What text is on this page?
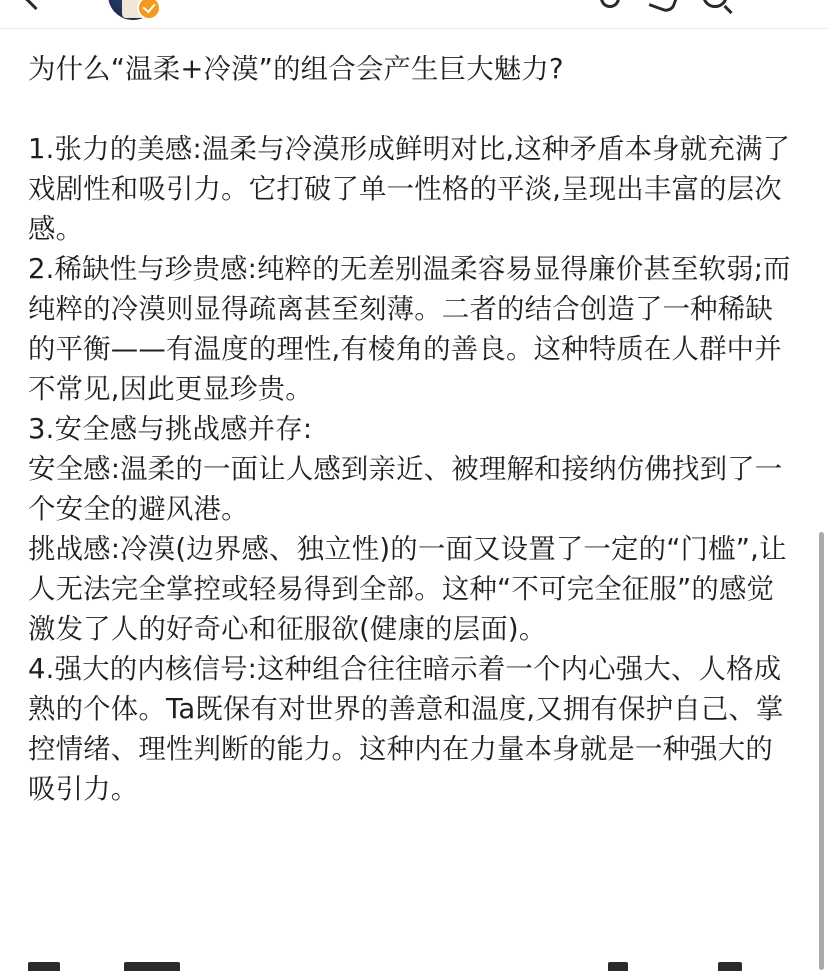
为什么“温柔+冷漠”的组合会产生巨大魅力?

1.张力的美感:温柔与冷漠形成鲜明对比,这种矛盾本身就充满了戏剧性和吸引力。它打破了单一性格的平淡,呈现出丰富的层次感。

2.稀缺性与珍贵感:纯粹的无差别温柔容易显得廉价甚至软弱;而纯粹的冷漠则显得疏离甚至刻薄。二者的结合创造了一种稀缺的平衡——有温度的理性,有棱角的善良。这种特质在人群中并不常见,因此更显珍贵。

3.安全感与挑战感并存:

安全感:温柔的一面让人感到亲近、被理解和接纳仿佛找到了一个安全的避风港。

挑战感:冷漠(边界感、独立性)的一面又设置了一定的“门槛”,让人无法完全掌控或轻易得到全部。这种“不可完全征服”的感觉激发了人的好奇心和征服欲(健康的层面)。

4.强大的内核信号:这种组合往往暗示着一个内心强大、人格成熟的个体。Ta既保有对世界的善意和温度,又拥有保护自己、掌控情绪、理性判断的能力。这种内在力量本身就是一种强大的吸引力。
